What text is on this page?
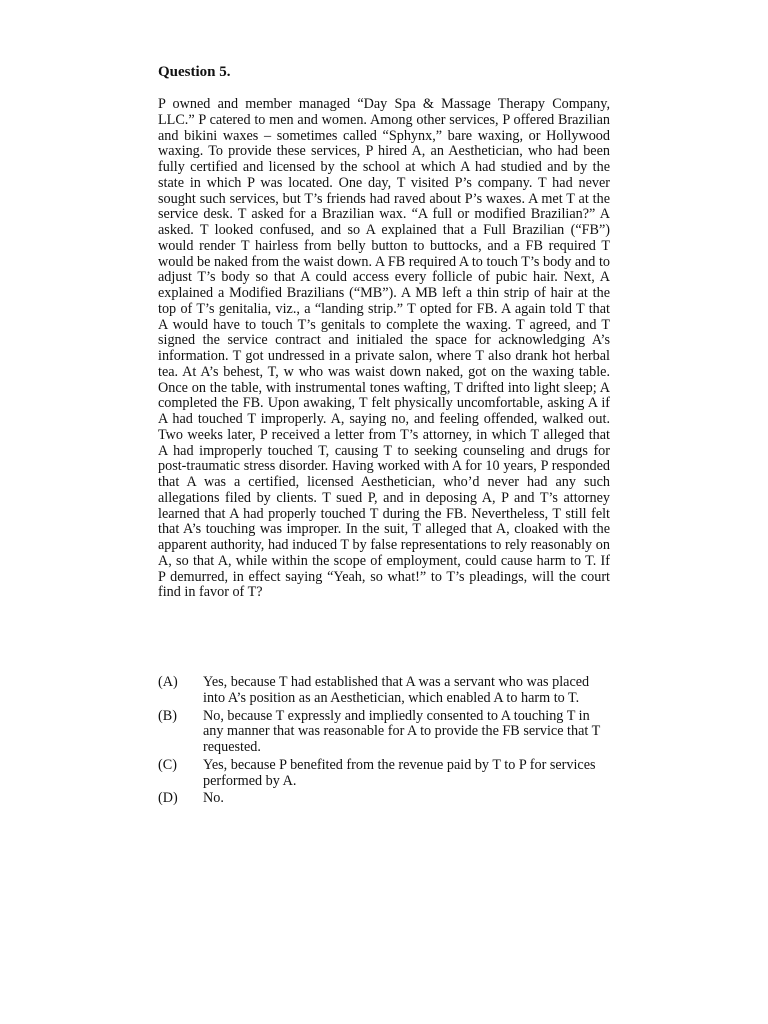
Question 5.

P owned and member managed “Day Spa & Massage Therapy Company, LLC.” P catered to men and women. Among other services, P offered Brazilian and bikini waxes – sometimes called “Sphynx,” bare waxing, or Hollywood waxing. To provide these services, P hired A, an Aesthetician, who had been fully certified and licensed by the school at which A had studied and by the state in which P was located. One day, T visited P’s company. T had never sought such services, but T’s friends had raved about P’s waxes. A met T at the service desk. T asked for a Brazilian wax. “A full or modified Brazilian?” A asked. T looked confused, and so A explained that a Full Brazilian (“FB”) would render T hairless from belly button to buttocks, and a FB required T would be naked from the waist down. A FB required A to touch T’s body and to adjust T’s body so that A could access every follicle of pubic hair. Next, A explained a Modified Brazilians (“MB”). A MB left a thin strip of hair at the top of T’s genitalia, viz., a “landing strip.” T opted for FB. A again told T that A would have to touch T’s genitals to complete the waxing. T agreed, and T signed the service contract and initialed the space for acknowledging A’s information. T got undressed in a private salon, where T also drank hot herbal tea. At A’s behest, T, w who was waist down naked, got on the waxing table. Once on the table, with instrumental tones wafting, T drifted into light sleep; A completed the FB. Upon awaking, T felt physically uncomfortable, asking A if A had touched T improperly. A, saying no, and feeling offended, walked out. Two weeks later, P received a letter from T’s attorney, in which T alleged that A had improperly touched T, causing T to seeking counseling and drugs for post-traumatic stress disorder. Having worked with A for 10 years, P responded that A was a certified, licensed Aesthetician, who’d never had any such allegations filed by clients. T sued P, and in deposing A, P and T’s attorney learned that A had properly touched T during the FB. Nevertheless, T still felt that A’s touching was improper. In the suit, T alleged that A, cloaked with the apparent authority, had induced T by false representations to rely reasonably on A, so that A, while within the scope of employment, could cause harm to T. If P demurred, in effect saying “Yeah, so what!” to T’s pleadings, will the court find in favor of T?

(A)	Yes, because T had established that A was a servant who was placed into A’s position as an Aesthetician, which enabled A to harm to T.
(B)	No, because T expressly and impliedly consented to A touching T in any manner that was reasonable for A to provide the FB service that T requested.
(C)	Yes, because P benefited from the revenue paid by T to P for services performed by A.
(D)	No.
